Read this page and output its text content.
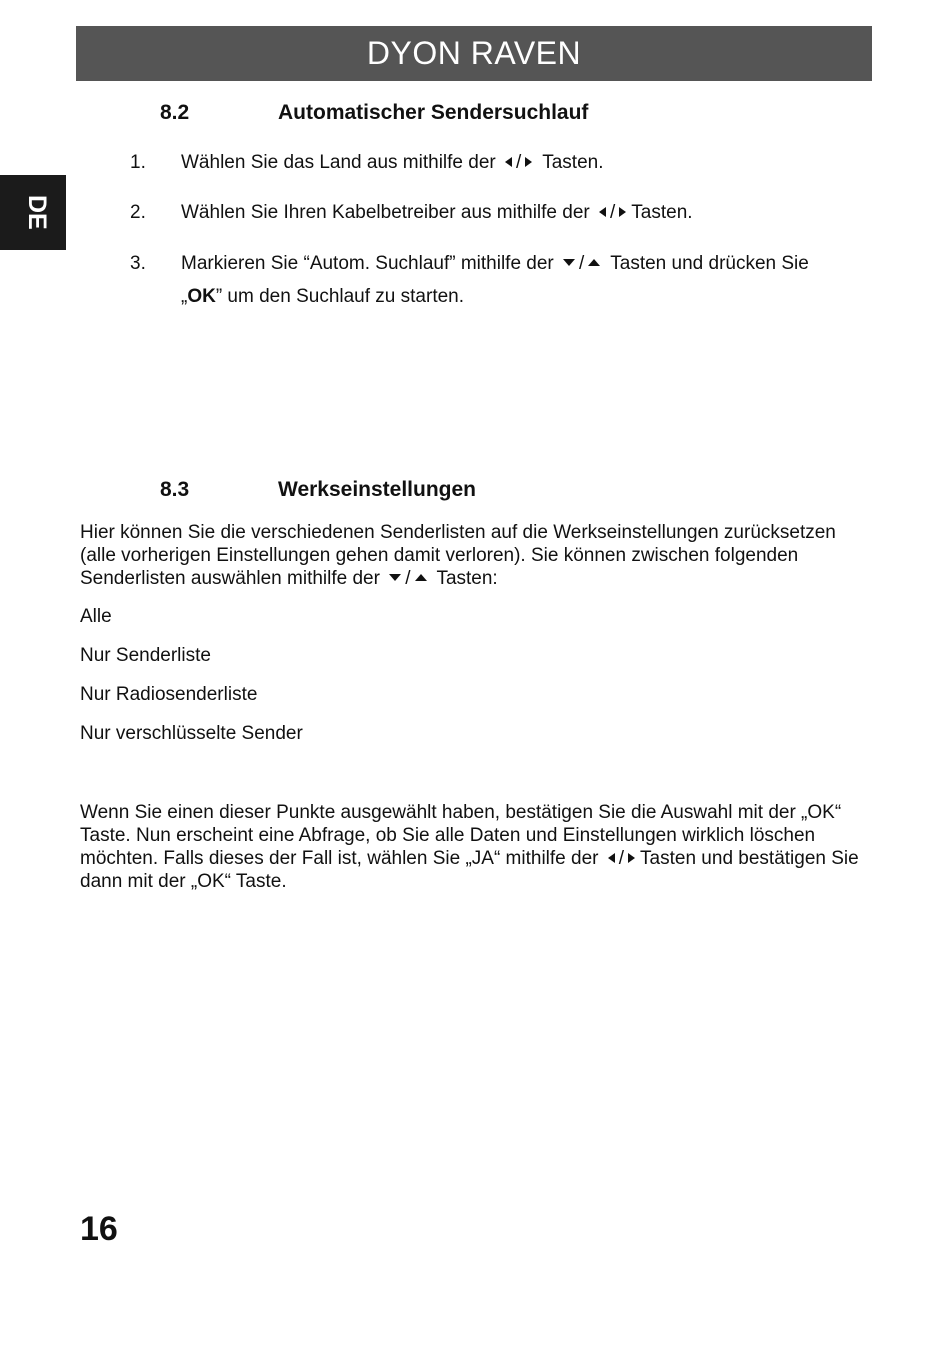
DYON RAVEN
DE
8.2	Automatischer Sendersuchlauf
1. Wählen Sie das Land aus mithilfe der / Tasten.
2. Wählen Sie Ihren Kabelbetreiber aus mithilfe der / Tasten.
3. Markieren Sie “Autom. Suchlauf” mithilfe der / Tasten und drücken Sie
„OK” um den Suchlauf zu starten.
8.3	Werkseinstellungen
Hier können Sie die verschiedenen Senderlisten auf die Werkseinstellungen zurücksetzen (alle vorherigen Einstellungen gehen damit verloren). Sie können zwischen folgenden Senderlisten auswählen mithilfe der / Tasten:
Alle
Nur Senderliste
Nur Radiosenderliste
Nur verschlüsselte Sender
Wenn Sie einen dieser Punkte ausgewählt haben, bestätigen Sie die Auswahl mit der „OK“ Taste. Nun erscheint eine Abfrage, ob Sie alle Daten und Einstellungen wirklich löschen möchten. Falls dieses der Fall ist, wählen Sie „JA“ mithilfe der / Tasten und bestätigen Sie dann mit der „OK“ Taste.
16
